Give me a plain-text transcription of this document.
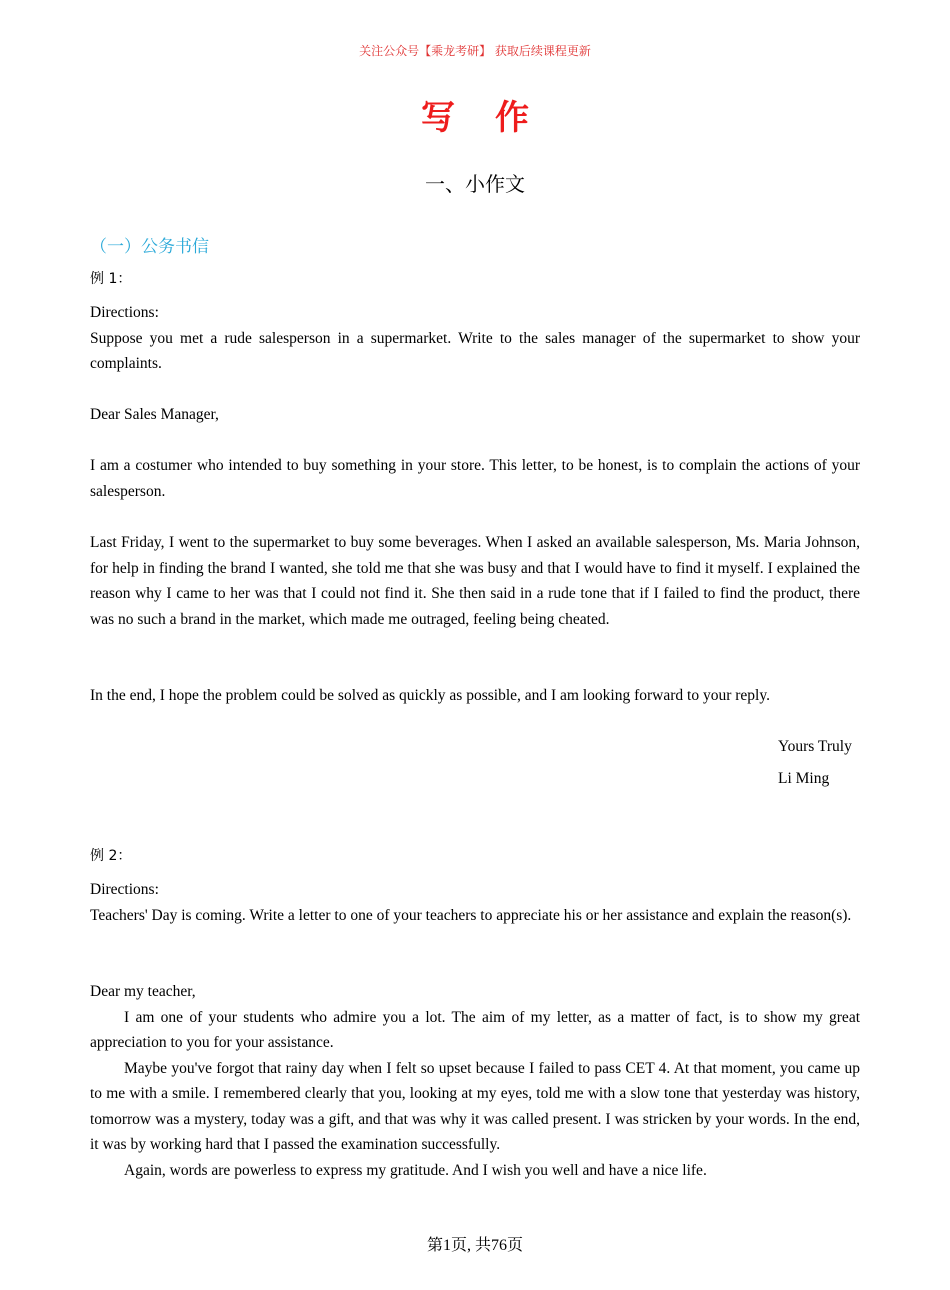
关注公众号【乘龙考研】 获取后续课程更新
写作
一、小作文
（一）公务书信
例 1：

Directions:

Suppose you met a rude salesperson in a supermarket. Write to the sales manager of the supermarket to show your complaints.

Dear Sales Manager,
I am a costumer who intended to buy something in your store. This letter, to be honest, is to complain the actions of your salesperson.
Last Friday, I went to the supermarket to buy some beverages. When I asked an available salesperson, Ms. Maria Johnson, for help in finding the brand I wanted, she told me that she was busy and that I would have to find it myself. I explained the reason why I came to her was that I could not find it. She then said in a rude tone that if I failed to find the product, there was no such a brand in the market, which made me outraged, feeling being cheated.
In the end, I hope the problem could be solved as quickly as possible, and I am looking forward to your reply.
Yours Truly
Li Ming
例 2：

Directions:

Teachers' Day is coming. Write a letter to one of your teachers to appreciate his or her assistance and explain the reason(s).

Dear my teacher,

I am one of your students who admire you a lot. The aim of my letter, as a matter of fact, is to show my great appreciation to you for your assistance.

Maybe you've forgot that rainy day when I felt so upset because I failed to pass CET 4. At that moment, you came up to me with a smile. I remembered clearly that you, looking at my eyes, told me with a slow tone that yesterday was history, tomorrow was a mystery, today was a gift, and that was why it was called present. I was stricken by your words. In the end, it was by working hard that I passed the examination successfully.

Again, words are powerless to express my gratitude. And I wish you well and have a nice life.

第1页, 共76页
